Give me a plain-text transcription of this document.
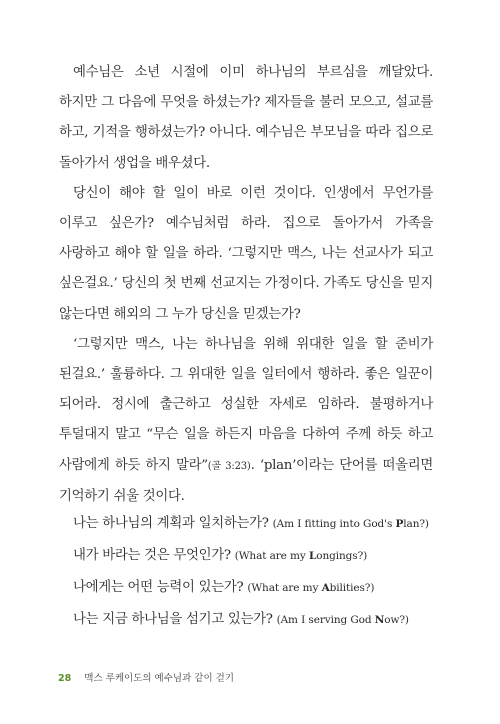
예수님은 소년 시절에 이미 하나님의 부르심을 깨달았다. 하지만 그 다음에 무엇을 하셨는가? 제자들을 불러 모으고, 설교를 하고, 기적을 행하셨는가? 아니다. 예수님은 부모님을 따라 집으로 돌아가서 생업을 배우셨다.

당신이 해야 할 일이 바로 이런 것이다. 인생에서 무언가를 이루고 싶은가? 예수님처럼 하라. 집으로 돌아가서 가족을 사랑하고 해야 할 일을 하라. ‘그렇지만 맥스, 나는 선교사가 되고 싶은걸요.’ 당신의 첫 번째 선교지는 가정이다. 가족도 당신을 믿지 않는다면 해외의 그 누가 당신을 믿겠는가?

‘그렇지만 맥스, 나는 하나님을 위해 위대한 일을 할 준비가 된걸요.’ 훌륭하다. 그 위대한 일을 일터에서 행하라. 좋은 일꾼이 되어라. 정시에 출근하고 성실한 자세로 임하라. 불평하거나 투덜대지 말고 “무슨 일을 하든지 마음을 다하여 주께 하듯 하고 사람에게 하듯 하지 말라”(골 3:23). ‘plan’이라는 단어를 떠올리면 기억하기 쉬울 것이다.

나는 하나님의 계획과 일치하는가? (Am I fitting into God's Plan?)
내가 바라는 것은 무엇인가? (What are my Longings?)
나에게는 어떤 능력이 있는가? (What are my Abilities?)
나는 지금 하나님을 섬기고 있는가? (Am I serving God Now?)
28 맥스 루케이도의 예수님과 같이 걷기
